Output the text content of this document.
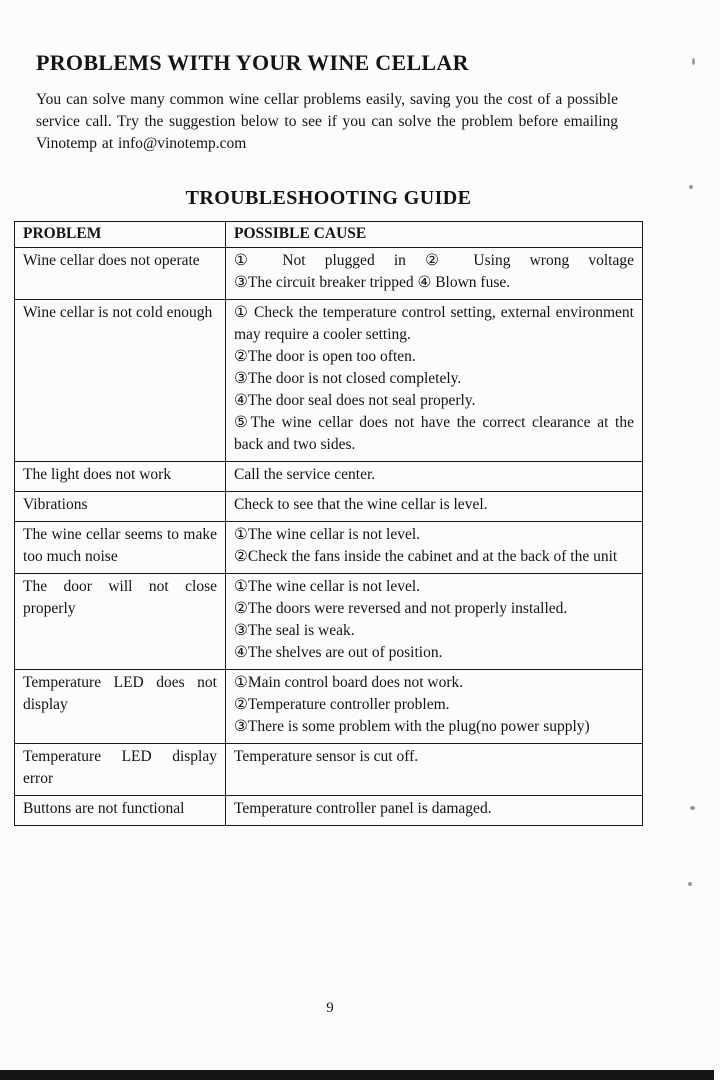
PROBLEMS WITH YOUR WINE CELLAR

You can solve many common wine cellar problems easily, saving you the cost of a possible service call. Try the suggestion below to see if you can solve the problem before emailing Vinotemp at info@vinotemp.com

TROUBLESHOOTING GUIDE
PROBLEM	POSSIBLE CAUSE
Wine cellar does not operate	① Not plugged in ② Using wrong voltage
③The circuit breaker tripped ④ Blown fuse.

Wine cellar is not cold enough	① Check the temperature control setting, external environment may require a cooler setting.
②The door is open too often.
③The door is not closed completely.
④The door seal does not seal properly.
⑤The wine cellar does not have the correct clearance at the back and two sides.

The light does not work	Call the service center.

Vibrations	Check to see that the wine cellar is level.

The wine cellar seems to make too much noise	①The wine cellar is not level.
②Check the fans inside the cabinet and at the back of the unit

The door will not close properly	①The wine cellar is not level.
②The doors were reversed and not properly installed.
③The seal is weak.
④The shelves are out of position.

Temperature LED does not display	①Main control board does not work.
②Temperature controller problem.
③There is some problem with the plug(no power supply)

Temperature LED display error	Temperature sensor is cut off.

Buttons are not functional	Temperature controller panel is damaged.
9
